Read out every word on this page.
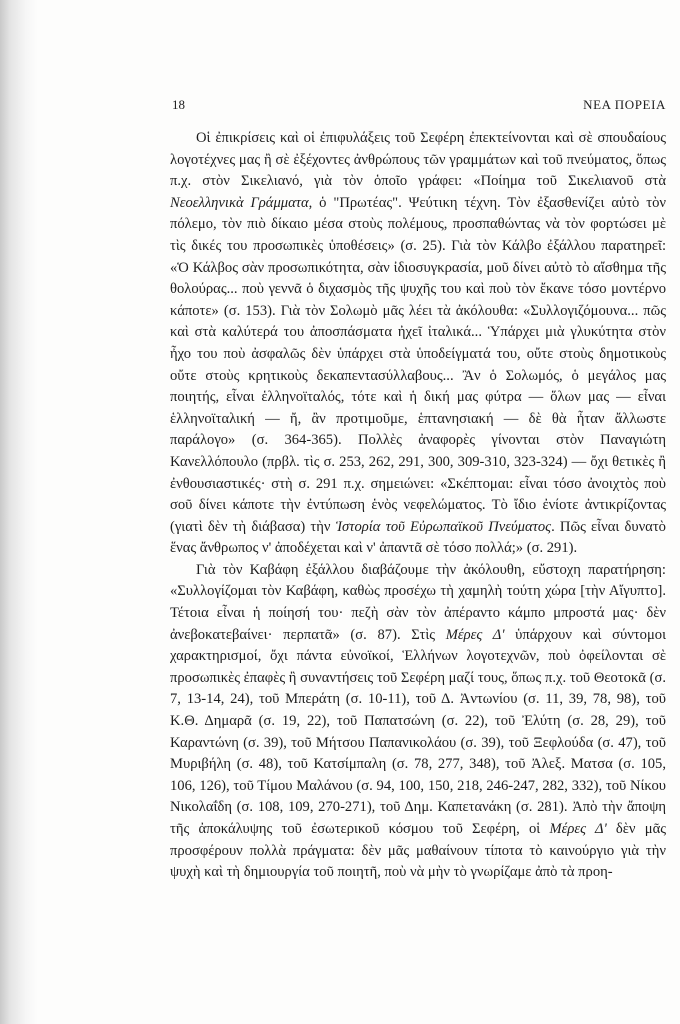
18	ΝΕΑ ΠΟΡΕΙΑ

Οἱ ἐπικρίσεις καὶ οἱ ἐπιφυλάξεις τοῦ Σεφέρη ἐπεκτείνονται καὶ σὲ σπουδαίους λογοτέχνες μας ἢ σὲ ἐξέχοντες ἀνθρώπους τῶν γραμμάτων καὶ τοῦ πνεύματος, ὅπως π.χ. στὸν Σικελιανό, γιὰ τὸν ὁποῖο γράφει: «Ποίημα τοῦ Σικελιανοῦ στὰ Νεοελληνικὰ Γράμματα, ὁ "Πρωτέας". Ψεύτικη τέχνη. Τὸν ἐξασθενίζει αὐτὸ τὸν πόλεμο, τὸν πιὸ δίκαιο μέσα στοὺς πολέμους, προσπαθώντας νὰ τὸν φορτώσει μὲ τὶς δικές του προσωπικὲς ὑποθέσεις» (σ. 25). Γιὰ τὸν Κάλβο ἐξάλλου παρατηρεῖ: «Ὁ Κάλβος σὰν προσωπικότητα, σὰν ἰδιοσυγκρασία, μοῦ δίνει αὐτὸ τὸ αἴσθημα τῆς θολούρας... ποὺ γεννᾶ ὁ διχασμὸς τῆς ψυχῆς του καὶ ποὺ τὸν ἔκανε τόσο μοντέρνο κάποτε» (σ. 153). Γιὰ τὸν Σολωμὸ μᾶς λέει τὰ ἀκόλουθα: «Συλλογιζόμουνα... πῶς καὶ στὰ καλύτερά του ἀποσπάσματα ἠχεῖ ἰταλικά... Ὑπάρχει μιὰ γλυκύτητα στὸν ἦχο του ποὺ ἀσφαλῶς δὲν ὑπάρχει στὰ ὑποδείγματά του, οὔτε στοὺς δημοτικοὺς οὔτε στοὺς κρητικοὺς δεκαπεντασύλλαβους... Ἂν ὁ Σολωμός, ὁ μεγάλος μας ποιητής, εἶναι ἑλληνοϊταλός, τότε καὶ ἡ δική μας φύτρα — ὅλων μας — εἶναι ἑλληνοϊταλική — ἤ, ἂν προτιμοῦμε, ἑπτανησιακή — δὲ θὰ ἦταν ἄλλωστε παράλογο» (σ. 364-365). Πολλὲς ἀναφορὲς γίνονται στὸν Παναγιώτη Κανελλόπουλο (πρβλ. τὶς σ. 253, 262, 291, 300, 309-310, 323-324) — ὄχι θετικὲς ἢ ἐνθουσιαστικές· στὴ σ. 291 π.χ. σημειώνει: «Σκέπτομαι: εἶναι τόσο ἀνοιχτὸς ποὺ σοῦ δίνει κάποτε τὴν ἐντύπωση ἑνὸς νεφελώματος. Τὸ ἴδιο ἐνίοτε ἀντικρίζοντας (γιατὶ δὲν τὴ διάβασα) τὴν Ἱστορία τοῦ Εὐρωπαϊκοῦ Πνεύματος. Πῶς εἶναι δυνατὸ ἕνας ἄνθρωπος ν' ἀποδέχεται καὶ ν' ἀπαντᾶ σὲ τόσο πολλά;» (σ. 291).

Γιὰ τὸν Καβάφη ἐξάλλου διαβάζουμε τὴν ἀκόλουθη, εὔστοχη παρατήρηση: «Συλλογίζομαι τὸν Καβάφη, καθὼς προσέχω τὴ χαμηλὴ τούτη χώρα [τὴν Αἴγυπτο]. Τέτοια εἶναι ἡ ποίησή του· πεζὴ σὰν τὸν ἀπέραντο κάμπο μπροστά μας· δὲν ἀνεβοκατεβαίνει· περπατᾶ» (σ. 87). Στὶς Μέρες Δ' ὑπάρχουν καὶ σύντομοι χαρακτηρισμοί, ὄχι πάντα εὐνοϊκοί, Ἑλλήνων λογοτεχνῶν, ποὺ ὀφείλονται σὲ προσωπικὲς ἐπαφὲς ἢ συναντήσεις τοῦ Σεφέρη μαζί τους, ὅπως π.χ. τοῦ Θεοτοκᾶ (σ. 7, 13-14, 24), τοῦ Μπεράτη (σ. 10-11), τοῦ Δ. Ἀντωνίου (σ. 11, 39, 78, 98), τοῦ Κ.Θ. Δημαρᾶ (σ. 19, 22), τοῦ Παπατσώνη (σ. 22), τοῦ Ἐλύτη (σ. 28, 29), τοῦ Καραντώνη (σ. 39), τοῦ Μήτσου Παπανικολάου (σ. 39), τοῦ Ξεφλούδα (σ. 47), τοῦ Μυριβήλη (σ. 48), τοῦ Κατσίμπαλη (σ. 78, 277, 348), τοῦ Ἀλεξ. Ματσα (σ. 105, 106, 126), τοῦ Τίμου Μαλάνου (σ. 94, 100, 150, 218, 246-247, 282, 332), τοῦ Νίκου Νικολαΐδη (σ. 108, 109, 270-271), τοῦ Δημ. Καπετανάκη (σ. 281). Ἀπὸ τὴν ἄποψη τῆς ἀποκάλυψης τοῦ ἐσωτερικοῦ κόσμου τοῦ Σεφέρη, οἱ Μέρες Δ' δὲν μᾶς προσφέρουν πολλὰ πράγματα: δὲν μᾶς μαθαίνουν τίποτα τὸ καινούργιο γιὰ τὴν ψυχὴ καὶ τὴ δημιουργία τοῦ ποιητῆ, ποὺ νὰ μὴν τὸ γνωρίζαμε ἀπὸ τὰ προη-
